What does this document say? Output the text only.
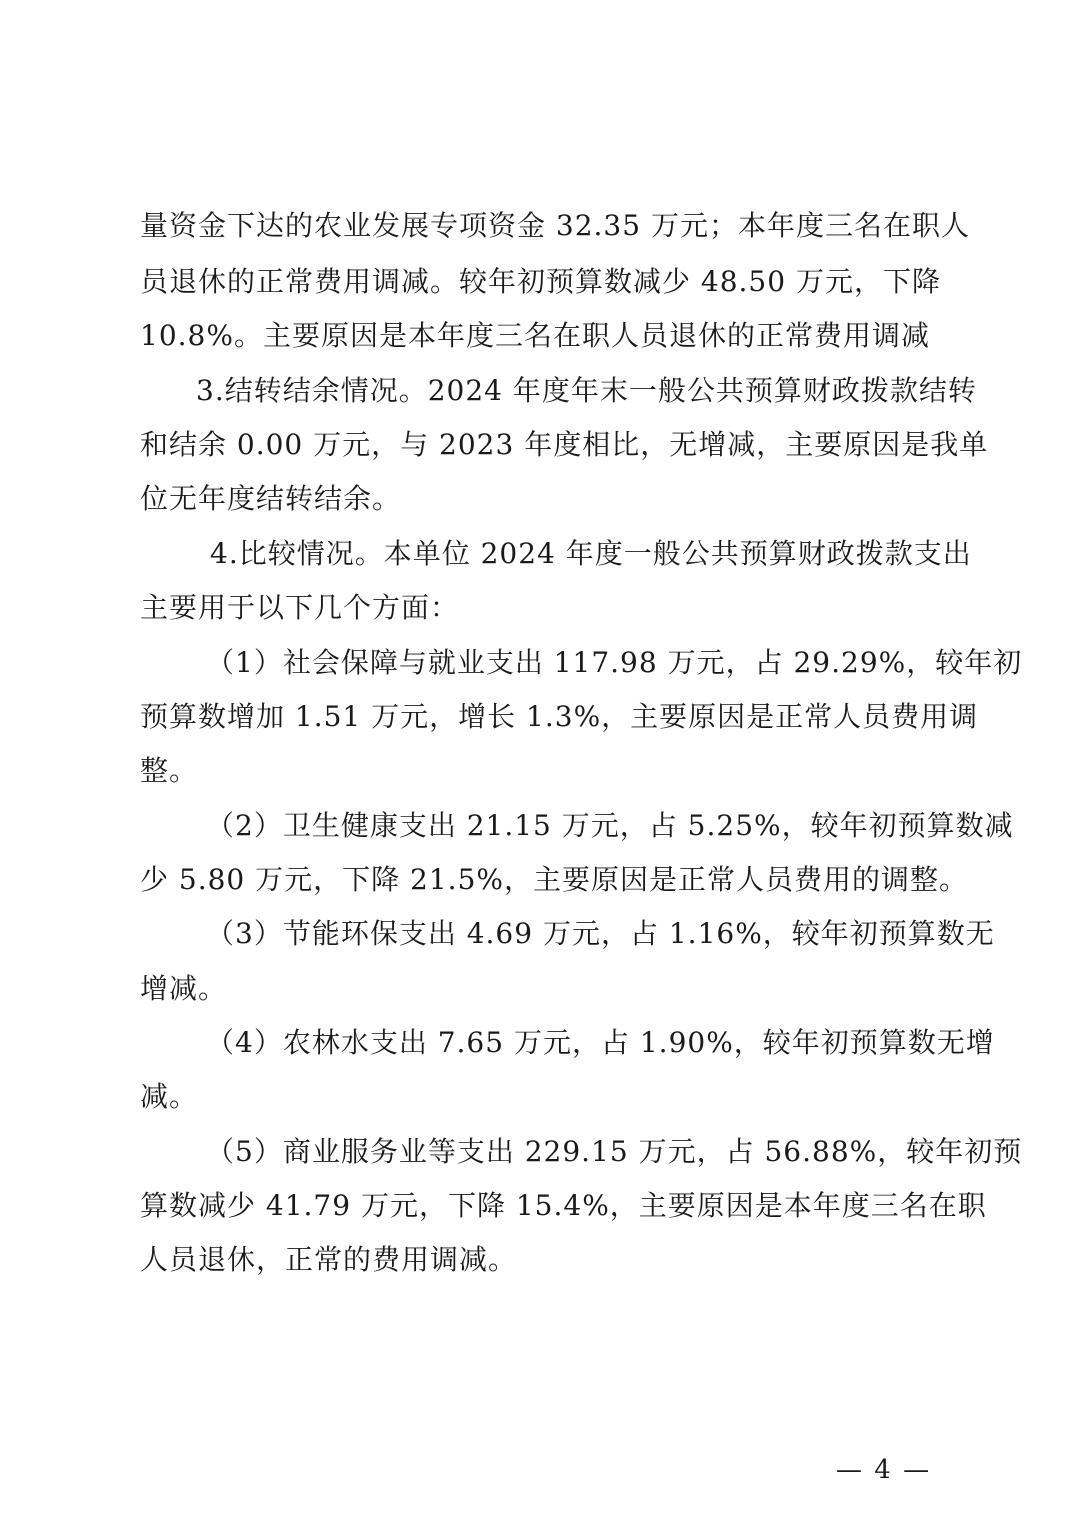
量资金下达的农业发展专项资金 32.35 万元；本年度三名在职人
员退休的正常费用调减。较年初预算数减少 48.50 万元，下降
10.8%。主要原因是本年度三名在职人员退休的正常费用调减
3.结转结余情况。2024 年度年末一般公共预算财政拨款结转
和结余 0.00 万元，与 2023 年度相比，无增减，主要原因是我单
位无年度结转结余。
4.比较情况。本单位 2024 年度一般公共预算财政拨款支出
主要用于以下几个方面：
（1）社会保障与就业支出 117.98 万元，占 29.29%，较年初
预算数增加 1.51 万元，增长 1.3%，主要原因是正常人员费用调
整。
（2）卫生健康支出 21.15 万元，占 5.25%，较年初预算数减
少 5.80 万元，下降 21.5%，主要原因是正常人员费用的调整。
（3）节能环保支出 4.69 万元，占 1.16%，较年初预算数无
增减。
（4）农林水支出 7.65 万元，占 1.90%，较年初预算数无增
减。
（5）商业服务业等支出 229.15 万元，占 56.88%，较年初预
算数减少 41.79 万元，下降 15.4%，主要原因是本年度三名在职
人员退休，正常的费用调减。
— 4 —
